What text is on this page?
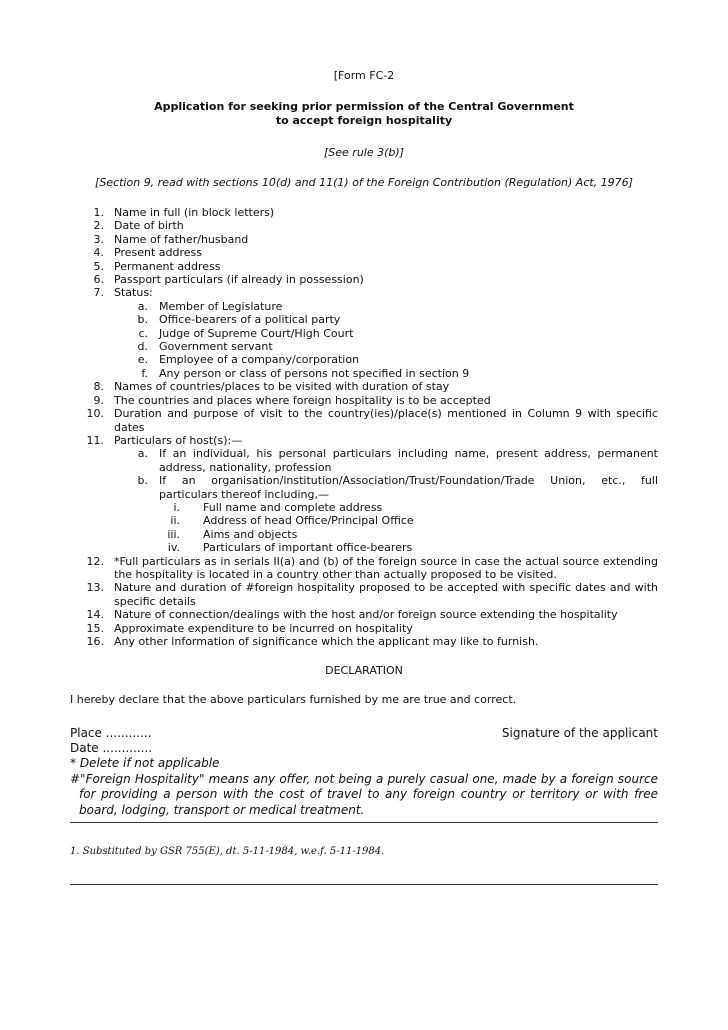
[Form FC-2
Application for seeking prior permission of the Central Government
to accept foreign hospitality
[See rule 3(b)]
[Section 9, read with sections 10(d) and 11(1) of the Foreign Contribution (Regulation) Act, 1976]
1. Name in full (in block letters)
2. Date of birth
3. Name of father/husband
4. Present address
5. Permanent address
6. Passport particulars (if already in possession)
7. Status:
a. Member of Legislature
b. Office-bearers of a political party
c. Judge of Supreme Court/High Court
d. Government servant
e. Employee of a company/corporation
f. Any person or class of persons not specified in section 9
8. Names of countries/places to be visited with duration of stay
9. The countries and places where foreign hospitality is to be accepted
10. Duration and purpose of visit to the country(ies)/place(s) mentioned in Column 9 with specific dates
11. Particulars of host(s):—
a. If an individual, his personal particulars including name, present address, permanent address, nationality, profession
b. If an organisation/institution/Association/Trust/Foundation/Trade Union, etc., full
particulars thereof including,—
i. Full name and complete address
ii. Address of head Office/Principal Office
iii. Aims and objects
iv. Particulars of important office-bearers
12. *Full particulars as in serials II(a) and (b) of the foreign source in case the actual source extending the hospitality is located in a country other than actually proposed to be visited.
13. Nature and duration of #foreign hospitality proposed to be accepted with specific dates and with specific details
14. Nature of connection/dealings with the host and/or foreign source extending the hospitality
15. Approximate expenditure to be incurred on hospitality
16. Any other information of significance which the applicant may like to furnish.
DECLARATION
I hereby declare that the above particulars furnished by me are true and correct.
Place ............	Signature of the applicant
Date .............
* Delete if not applicable
#"Foreign Hospitality" means any offer, not being a purely casual one, made by a foreign source for providing a person with the cost of travel to any foreign country or territory or with free board, lodging, transport or medical treatment.
1. Substituted by GSR 755(E), dt. 5-11-1984, w.e.f. 5-11-1984.
